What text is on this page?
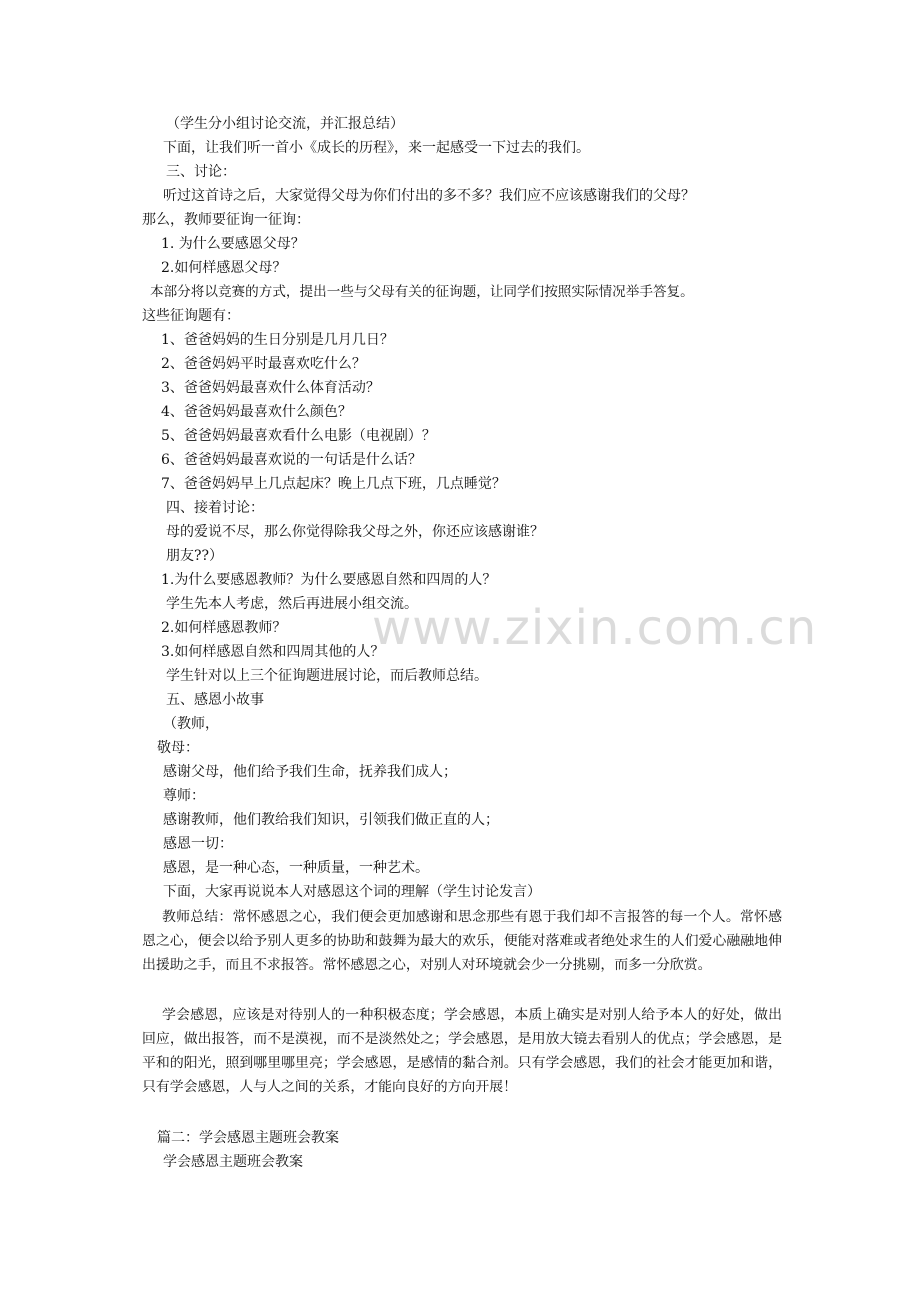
www.zixin.com.cn
（学生分小组讨论交流，并汇报总结）
下面，让我们听一首小《成长的历程》，来一起感受一下过去的我们。
三、讨论：
听过这首诗之后，大家觉得父母为你们付出的多不多？我们应不应该感谢我们的父母？
那么，教师要征询一征询：
1. 为什么要感恩父母？
2.如何样感恩父母？
本部分将以竞赛的方式，提出一些与父母有关的征询题，让同学们按照实际情况举手答复。
这些征询题有：
1、爸爸妈妈的生日分别是几月几日？
2、爸爸妈妈平时最喜欢吃什么？
3、爸爸妈妈最喜欢什么体育活动？
4、爸爸妈妈最喜欢什么颜色？
5、爸爸妈妈最喜欢看什么电影（电视剧）？
6、爸爸妈妈最喜欢说的一句话是什么话？
7、爸爸妈妈早上几点起床？晚上几点下班，几点睡觉？
四、接着讨论：
母的爱说不尽，那么你觉得除我父母之外，你还应该感谢谁？
朋友??）
1.为什么要感恩教师？为什么要感恩自然和四周的人？
学生先本人考虑，然后再进展小组交流。
2.如何样感恩教师？
3.如何样感恩自然和四周其他的人？
学生针对以上三个征询题进展讨论，而后教师总结。
五、感恩小故事
（教师，
敬母：
感谢父母，他们给予我们生命，抚养我们成人；
尊师：
感谢教师，他们教给我们知识，引领我们做正直的人；
感恩一切：
感恩，是一种心态，一种质量，一种艺术。
下面，大家再说说本人对感恩这个词的理解（学生讨论发言）
教师总结：常怀感恩之心，我们便会更加感谢和思念那些有恩于我们却不言报答的每一个人。常怀感恩之心，便会以给予别人更多的协助和鼓舞为最大的欢乐，便能对落难或者绝处求生的人们爱心融融地伸出援助之手，而且不求报答。常怀感恩之心，对别人对环境就会少一分挑剔，而多一分欣赏。
学会感恩，应该是对待别人的一种积极态度；学会感恩，本质上确实是对别人给予本人的好处，做出回应，做出报答，而不是漠视，而不是淡然处之；学会感恩，是用放大镜去看别人的优点；学会感恩，是平和的阳光，照到哪里哪里亮；学会感恩，是感情的黏合剂。只有学会感恩，我们的社会才能更加和谐，只有学会感恩，人与人之间的关系，才能向良好的方向开展！
篇二：学会感恩主题班会教案
学会感恩主题班会教案
